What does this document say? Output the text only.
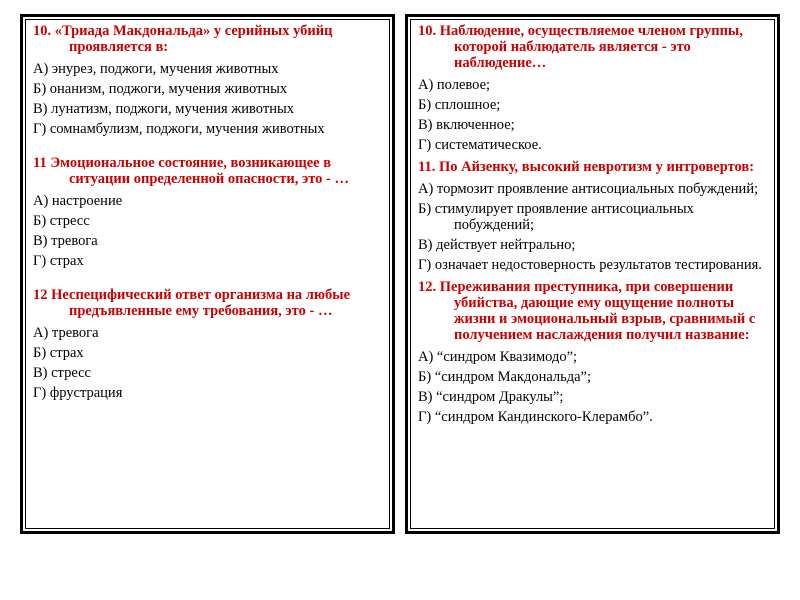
10. «Триада Макдональда» у серийных убийц проявляется в:

А) энурез, поджоги, мучения животных

Б) онанизм, поджоги, мучения животных

В) лунатизм, поджоги, мучения животных

Г) сомнамбулизм, поджоги, мучения животных

11 Эмоциональное состояние, возникающее в ситуации определенной опасности, это - …

А) настроение

Б) стресс

В) тревога

Г) страх

12 Неспецифический ответ организма на любые предъявленные ему требования, это - …

А) тревога

Б) страх

В) стресс

Г) фрустрация

10. Наблюдение, осуществляемое членом группы, которой наблюдатель является - это наблюдение…

А) полевое;

Б) сплошное;

В) включенное;

Г) систематическое.

11. По Айзенку, высокий невротизм у интровертов:

А) тормозит проявление антисоциальных побуждений;

Б) стимулирует проявление антисоциальных побуждений;

В) действует нейтрально;

Г) означает недостоверность результатов тестирования.

12. Переживания преступника, при совершении убийства, дающие ему ощущение полноты жизни и эмоциональный взрыв, сравнимый с получением наслаждения получил название:

А) “синдром Квазимодо”;

Б) “синдром Макдональда”;

В) “синдром Дракулы”;

Г) “синдром Кандинского-Клерамбо”.
